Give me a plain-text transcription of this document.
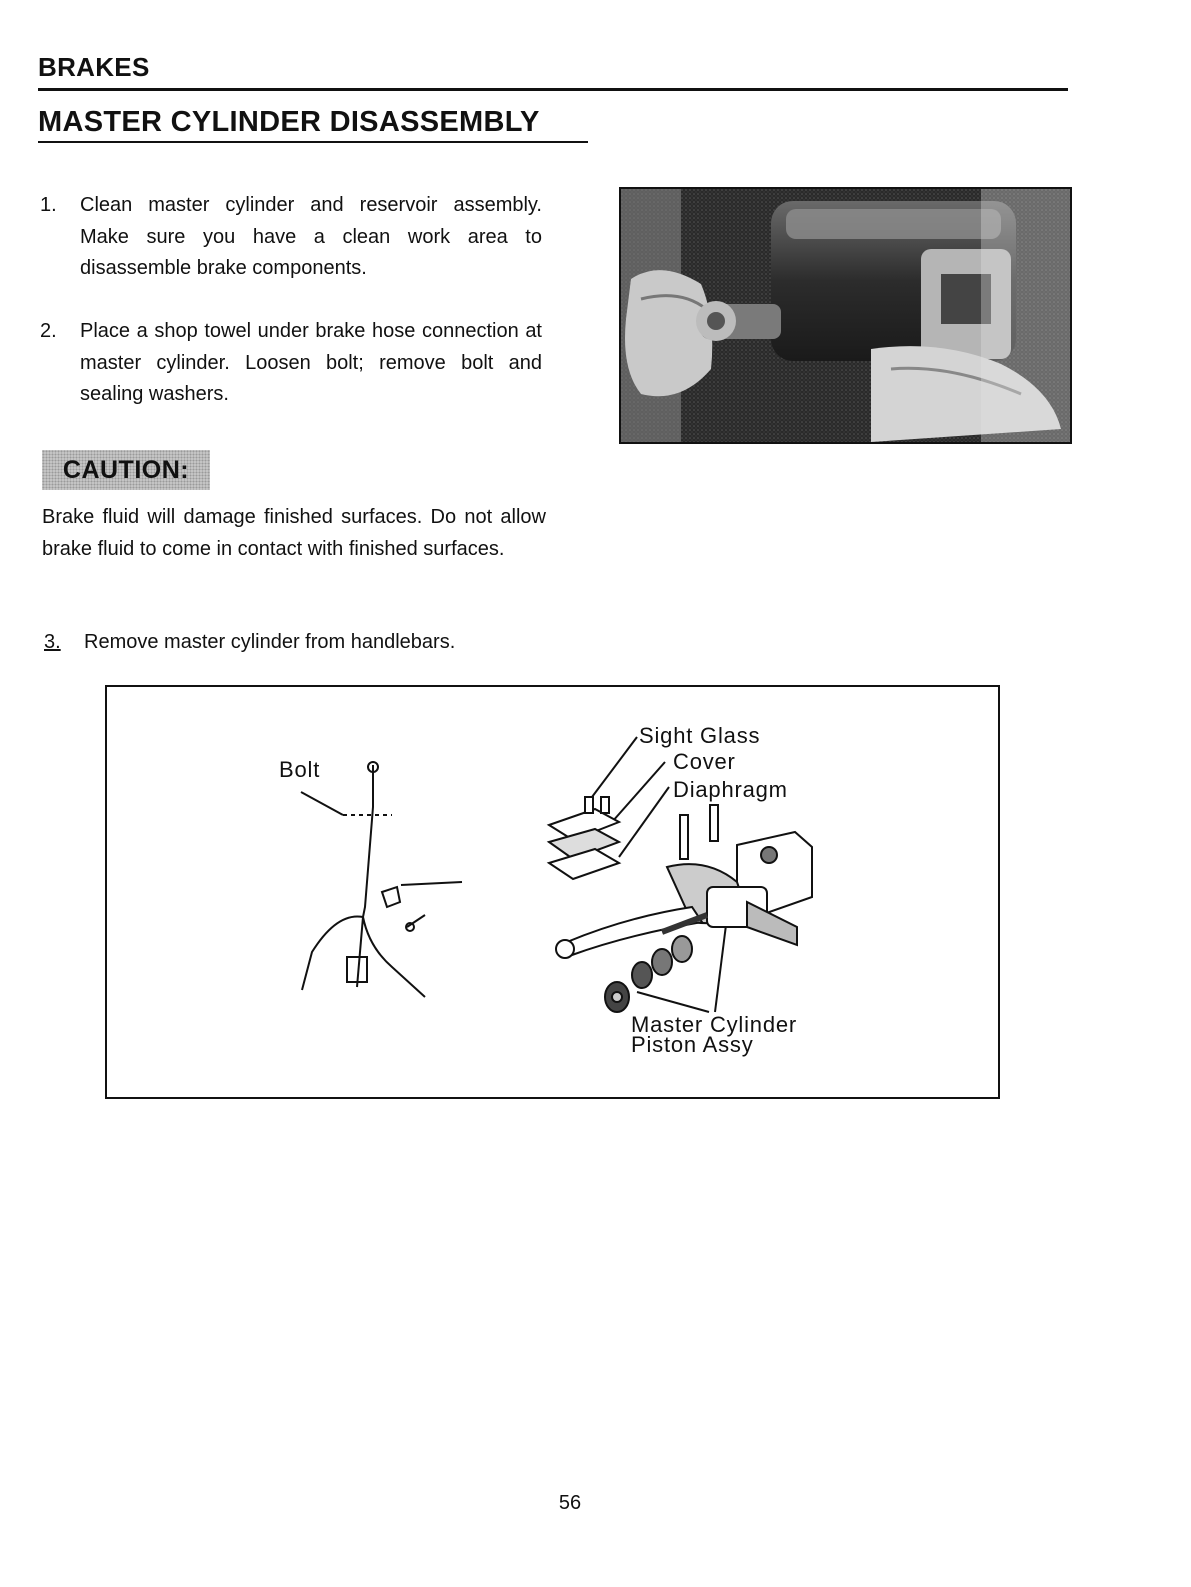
BRAKES
MASTER CYLINDER DISASSEMBLY
1. Clean master cylinder and reservoir assembly. Make sure you have a clean work area to disassemble brake components.
2. Place a shop towel under brake hose connection at master cylinder. Loosen bolt; remove bolt and sealing washers.
CAUTION:
Brake fluid will damage finished surfaces. Do not allow brake fluid to come in contact with finished surfaces.
3. Remove master cylinder from handlebars.
Bolt
Sight Glass
Cover
Diaphragm
Master Cylinder
Piston Assy
56
